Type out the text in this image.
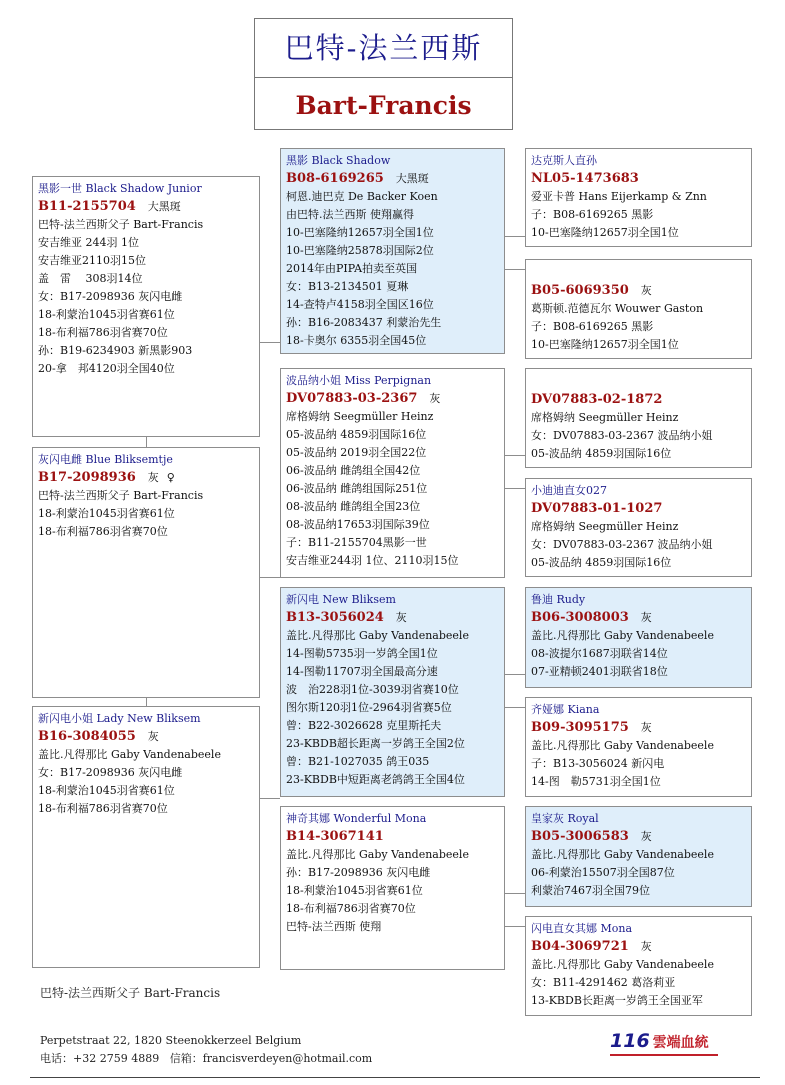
巴特-法兰西斯
Bart-Francis
黑影一世 Black Shadow Junior
B11-2155704 大黑斑
巴特-法兰西斯父子 Bart-Francis
安吉维亚 244羽 1位
安吉维亚2110羽15位
盖　雷　 308羽14位
女：B17-2098936 灰闪电雌
18-利蒙治1045羽省赛61位
18-布利福786羽省赛70位
孙：B19-6234903 新黑影903
20-拿　邦4120羽全国40位
灰闪电雌 Blue Bliksemtje
B17-2098936 灰 ♀
巴特-法兰西斯父子 Bart-Francis
18-利蒙治1045羽省赛61位
18-布利福786羽省赛70位
新闪电小姐 Lady New Bliksem
B16-3084055 灰
盖比.凡得那比 Gaby Vandenabeele
女：B17-2098936 灰闪电雌
18-利蒙治1045羽省赛61位
18-布利福786羽省赛70位
黑影 Black Shadow
B08-6169265 大黑斑
柯恩.迪巴克 De Backer Koen
由巴特.法兰西斯 使翔赢得
10-巴塞隆纳12657羽全国1位
10-巴塞隆纳25878羽国际2位
2014年由PIPA拍卖至英国
女：B13-2134501 夏琳
14-查特卢4158羽全国区16位
孙：B16-2083437 利蒙治先生
18-卡奥尔 6355羽全国45位
波品纳小姐 Miss Perpignan
DV07883-03-2367 灰
席格姆纳 Seegmüller Heinz
05-波品纳 4859羽国际16位
05-波品纳 2019羽全国22位
06-波品纳 雌鸽组全国42位
06-波品纳 雌鸽组国际251位
08-波品纳 雌鸽组全国23位
08-波品纳17653羽国际39位
子：B11-2155704黑影一世
安吉维亚244羽 1位、2110羽15位
新闪电 New Bliksem
B13-3056024 灰
盖比.凡得那比 Gaby Vandenabeele
14-图勒5735羽一岁鸽全国1位
14-图勒11707羽全国最高分速
波　治228羽1位-3039羽省赛10位
图尔斯120羽1位-2964羽省赛5位
曾：B22-3026628 克里斯托夫
23-KBDB超长距离一岁鸽王全国2位
曾：B21-1027035 鸽王035
23-KBDB中短距离老鸽鸽王全国4位
神奇其娜 Wonderful Mona
B14-3067141
盖比.凡得那比 Gaby Vandenabeele
孙：B17-2098936 灰闪电雌
18-利蒙治1045羽省赛61位
18-布利福786羽省赛70位
巴特-法兰西斯 使翔
达克斯人直孙
NL05-1473683
爱亚卡普 Hans Eijerkamp & Znn
子：B08-6169265 黑影
10-巴塞隆纳12657羽全国1位
B05-6069350 灰
葛斯顿.范德瓦尔 Wouwer Gaston
子：B08-6169265 黑影
10-巴塞隆纳12657羽全国1位
DV07883-02-1872
席格姆纳 Seegmüller Heinz
女：DV07883-03-2367 波品纳小姐
05-波品纳 4859羽国际16位
小迪迪直女027
DV07883-01-1027
席格姆纳 Seegmüller Heinz
女：DV07883-03-2367 波品纳小姐
05-波品纳 4859羽国际16位
鲁迪 Rudy
B06-3008003 灰
盖比.凡得那比 Gaby Vandenabeele
08-波提尔1687羽联省14位
07-亚精顿2401羽联省18位
齐娅娜 Kiana
B09-3095175 灰
盖比.凡得那比 Gaby Vandenabeele
子：B13-3056024 新闪电
14-图　勒5731羽全国1位
皇家灰 Royal
B05-3006583 灰
盖比.凡得那比 Gaby Vandenabeele
06-利蒙治15507羽全国87位
利蒙治7467羽全国79位
闪电直女其娜 Mona
B04-3069721 灰
盖比.凡得那比 Gaby Vandenabeele
女：B11-4291462 葛洛莉亚
13-KBDB长距离一岁鸽王全国亚军
巴特-法兰西斯父子 Bart-Francis
Perpetstraat 22, 1820 Steenokkerzeel Belgium
电话：+32 2759 4889 信箱：francisverdeyen@hotmail.com
116 雲端血統
